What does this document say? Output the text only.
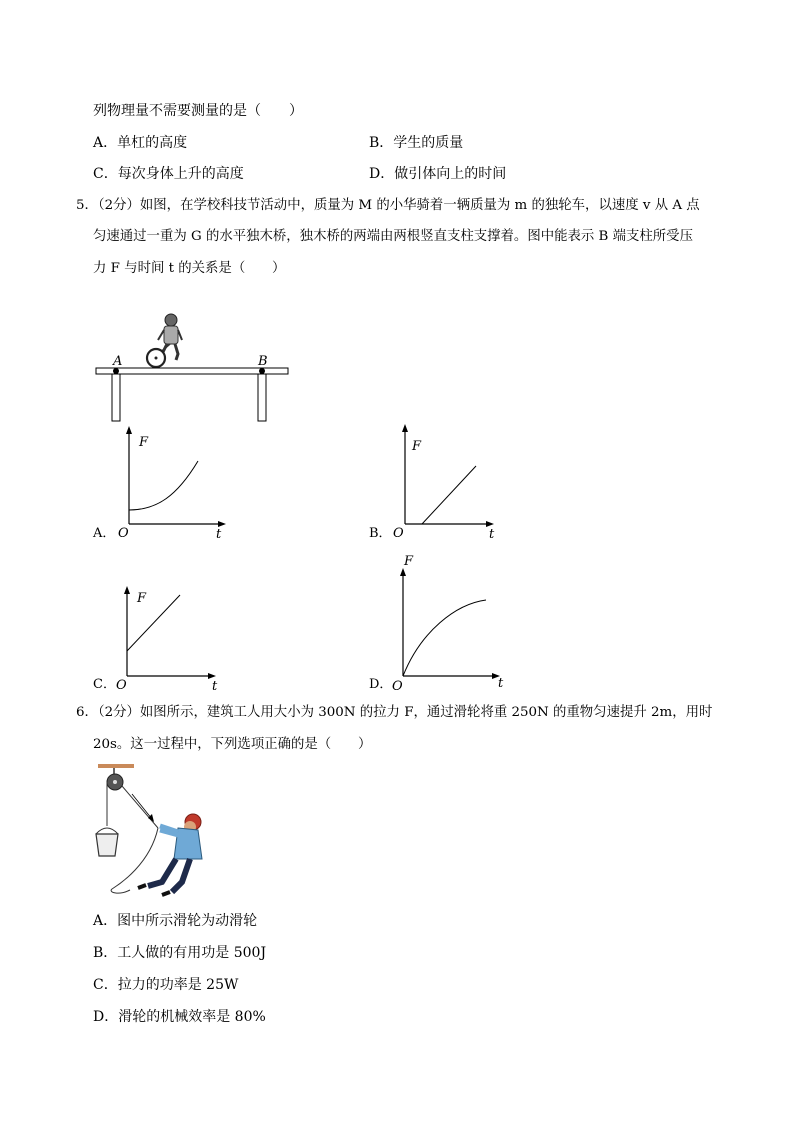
列物理量不需要测量的是（　　）
A．单杠的高度	B．学生的质量
C．每次身体上升的高度	D．做引体向上的时间
5．（2分）如图，在学校科技节活动中，质量为 M 的小华骑着一辆质量为 m 的独轮车，以速度 v 从 A 点
匀速通过一重为 G 的水平独木桥，独木桥的两端由两根竖直支柱支撑着。图中能表示 B 端支柱所受压
力 F 与时间 t 的关系是（　　）
A	B
F
O	t
A．
F
O	t
B．
F
O	t
C．
F
O	t
D．
6．（2分）如图所示，建筑工人用大小为 300N 的拉力 F，通过滑轮将重 250N 的重物匀速提升 2m，用时
20s。这一过程中，下列选项正确的是（　　）
A．图中所示滑轮为动滑轮
B．工人做的有用功是 500J
C．拉力的功率是 25W
D．滑轮的机械效率是 80%
